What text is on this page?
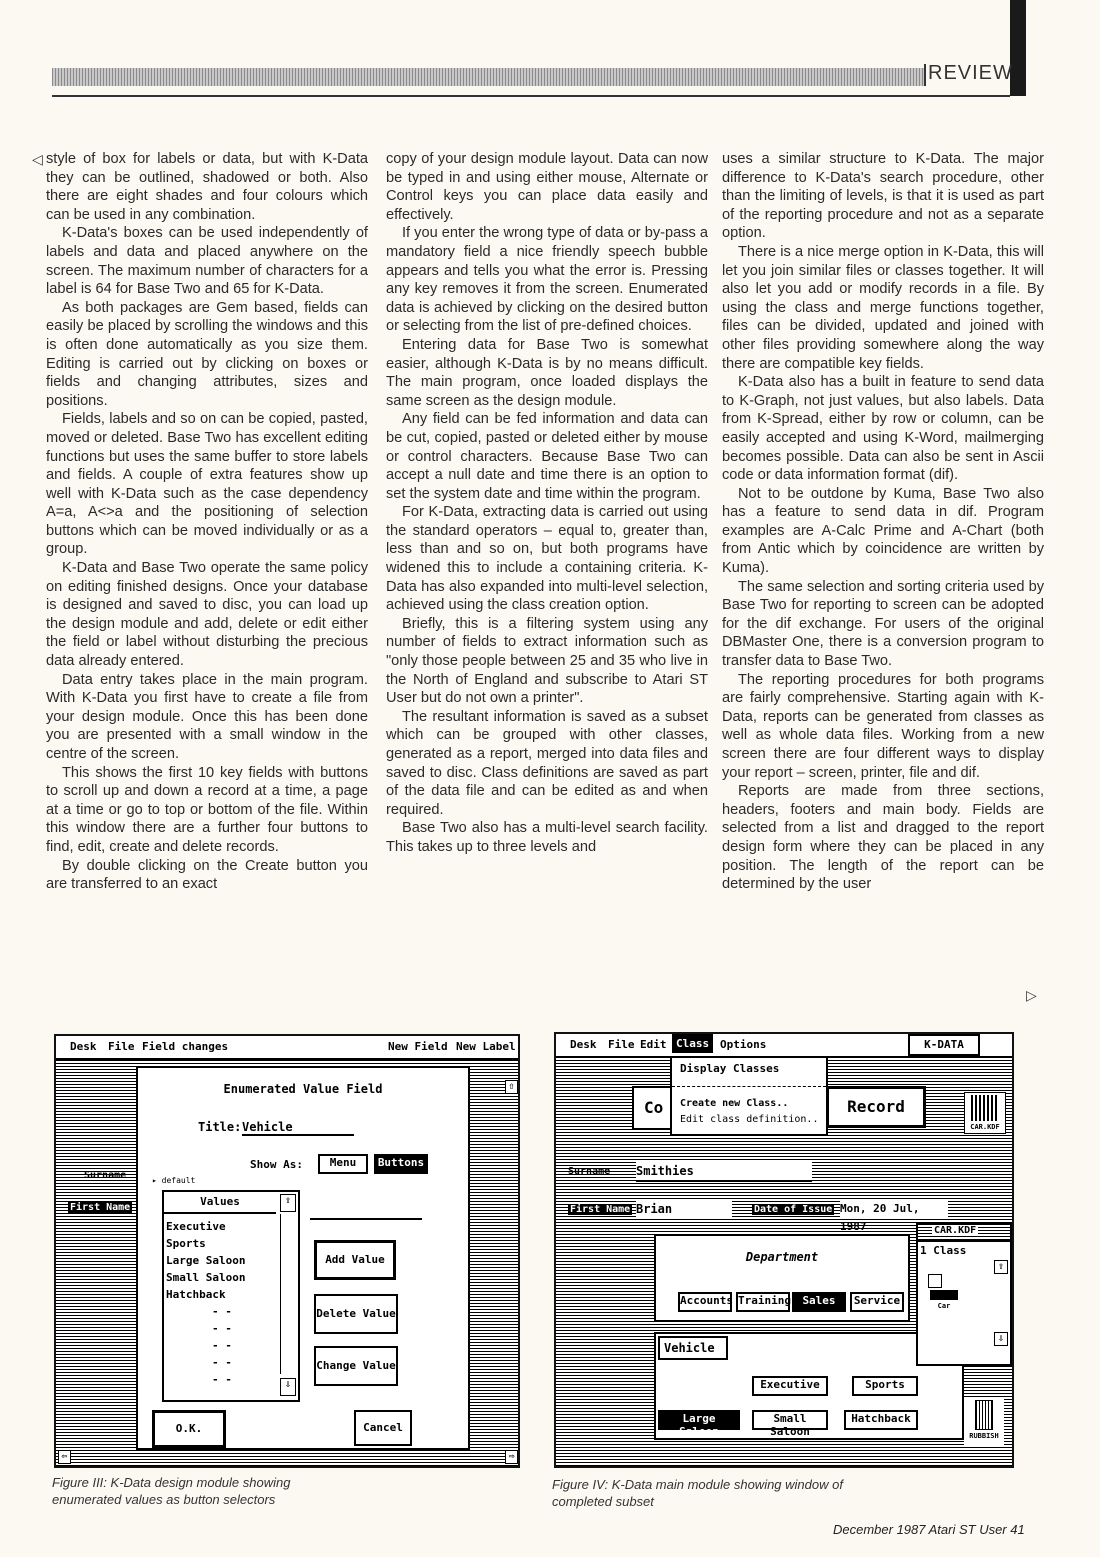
REVIEW
◁ style of box for labels or data, but with K-Data they can be outlined, shadowed or both. Also there are eight shades and four colours which can be used in any combination.

K-Data's boxes can be used independently of labels and data and placed anywhere on the screen. The maximum number of characters for a label is 64 for Base Two and 65 for K-Data.

As both packages are Gem based, fields can easily be placed by scrolling the windows and this is often done automatically as you size them. Editing is carried out by clicking on boxes or fields and changing attributes, sizes and positions.

Fields, labels and so on can be copied, pasted, moved or deleted. Base Two has excellent editing functions but uses the same buffer to store labels and fields. A couple of extra features show up well with K-Data such as the case dependency A=a, A<>a and the positioning of selection buttons which can be moved individually or as a group.

K-Data and Base Two operate the same policy on editing finished designs. Once your database is designed and saved to disc, you can load up the design module and add, delete or edit either the field or label without disturbing the precious data already entered.

Data entry takes place in the main program. With K-Data you first have to create a file from your design module. Once this has been done you are presented with a small window in the centre of the screen.

This shows the first 10 key fields with buttons to scroll up and down a record at a time, a page at a time or go to top or bottom of the file. Within this window there are a further four buttons to find, edit, create and delete records.

By double clicking on the Create button you are transferred to an exact

copy of your design module layout. Data can now be typed in and using either mouse, Alternate or Control keys you can place data easily and effectively.

If you enter the wrong type of data or by-pass a mandatory field a nice friendly speech bubble appears and tells you what the error is. Pressing any key removes it from the screen. Enumerated data is achieved by clicking on the desired button or selecting from the list of pre-defined choices.

Entering data for Base Two is somewhat easier, although K-Data is by no means difficult. The main program, once loaded displays the same screen as the design module.

Any field can be fed information and data can be cut, copied, pasted or deleted either by mouse or control characters. Because Base Two can accept a null date and time there is an option to set the system date and time within the program.

For K-Data, extracting data is carried out using the standard operators – equal to, greater than, less than and so on, but both programs have widened this to include a containing criteria. K-Data has also expanded into multi-level selection, achieved using the class creation option.

Briefly, this is a filtering system using any number of fields to extract information such as "only those people between 25 and 35 who live in the North of England and subscribe to Atari ST User but do not own a printer".

The resultant information is saved as a subset which can be grouped with other classes, generated as a report, merged into data files and saved to disc. Class definitions are saved as part of the data file and can be edited as and when required.

Base Two also has a multi-level search facility. This takes up to three levels and

uses a similar structure to K-Data. The major difference to K-Data's search procedure, other than the limiting of levels, is that it is used as part of the reporting procedure and not as a separate option.

There is a nice merge option in K-Data, this will let you join similar files or classes together. It will also let you add or modify records in a file. By using the class and merge functions together, files can be divided, updated and joined with other files providing somewhere along the way there are compatible key fields.

K-Data also has a built in feature to send data to K-Graph, not just values, but also labels. Data from K-Spread, either by row or column, can be easily accepted and using K-Word, mailmerging becomes possible. Data can also be sent in Ascii code or data information format (dif).

Not to be outdone by Kuma, Base Two also has a feature to send data in dif. Program examples are A-Calc Prime and A-Chart (both from Antic which by coincidence are written by Kuma).

The same selection and sorting criteria used by Base Two for reporting to screen can be adopted for the dif exchange. For users of the original DBMaster One, there is a conversion program to transfer data to Base Two.

The reporting procedures for both programs are fairly comprehensive. Starting again with K-Data, reports can be generated from classes as well as whole data files. Working from a new screen there are four different ways to display your report – screen, printer, file and dif.

Reports are made from three sections, headers, footers and main body. Fields are selected from a list and dragged to the report design form where they can be placed in any position. The length of the report can be determined by the user

▷
Desk File Field changes	New Field New Label
Surname
First Name
⇧
⇨
⇦
Enumerated Value Field
Title: Vehicle
Show As:	Menu	Buttons
▸ default
Values	⇧
⇩
Executive
Sports
Large Saloon
Small Saloon
Hatchback
- -
- -
- -
- -
- -
Add Value
Delete Value
Change Value
O.K.	Cancel
Figure III: K-Data design module showing enumerated values as button selectors
Desk File Edit Class Options	K-DATA
Co	Record
Display Classes
Create new Class..
Edit class definition..
CAR.KDF
Surname Smithies
First Name Brian	Date of Issue Mon, 20 Jul, 1987
Department
Accounts Training	Sales	Service
Vehicle
Executive	Sports
Large Saloon
Small Saloon
Hatchback
CAR.KDF
1 Class
Car
⇧
⇩
RUBBISH
Figure IV: K-Data main module showing window of completed subset
December 1987 Atari ST User 41
